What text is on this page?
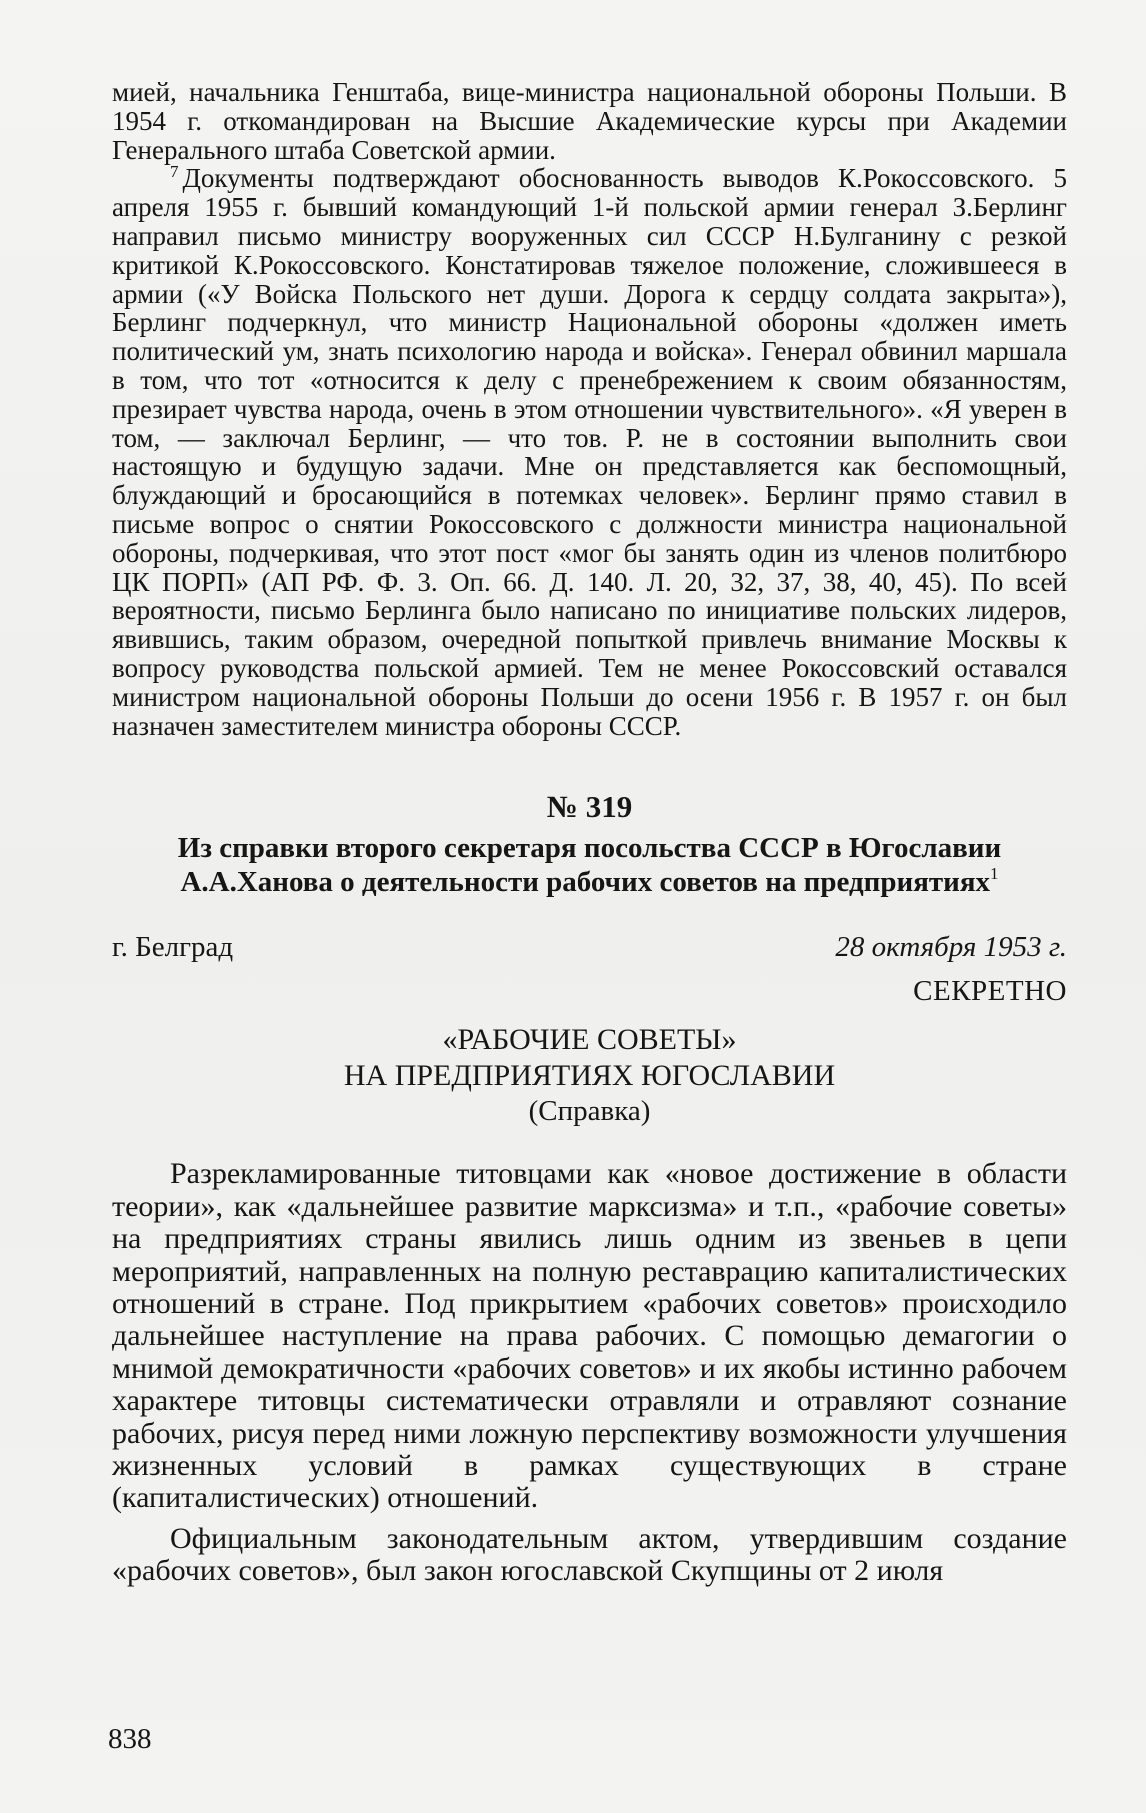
мией, начальника Генштаба, вице-министра национальной обороны Польши. В 1954 г. откомандирован на Высшие Академические курсы при Академии Генерального штаба Советской армии.

$^7$ Документы подтверждают обоснованность выводов К.Рокоссовского. 5 апреля 1955 г. бывший командующий 1-й польской армии генерал З.Берлинг направил письмо министру вооруженных сил СССР Н.Булганину с резкой критикой К.Рокоссовского. Констатировав тяжелое положение, сложившееся в армии («У Войска Польского нет души. Дорога к сердцу солдата закрыта»), Берлинг подчеркнул, что министр Национальной обороны «должен иметь политический ум, знать психологию народа и войска». Генерал обвинил маршала в том, что тот «относится к делу с пренебрежением к своим обязанностям, презирает чувства народа, очень в этом отношении чувствительного». «Я уверен в том, — заключал Берлинг, — что тов. Р. не в состоянии выполнить свои настоящую и будущую задачи. Мне он представляется как беспомощный, блуждающий и бросающийся в потемках человек». Берлинг прямо ставил в письме вопрос о снятии Рокоссовского с должности министра национальной обороны, подчеркивая, что этот пост «мог бы занять один из членов политбюро ЦК ПОРП» (АП РФ. Ф. 3. Оп. 66. Д. 140. Л. 20, 32, 37, 38, 40, 45). По всей вероятности, письмо Берлинга было написано по инициативе польских лидеров, явившись, таким образом, очередной попыткой привлечь внимание Москвы к вопросу руководства польской армией. Тем не менее Рокоссовский оставался министром национальной обороны Польши до осени 1956 г. В 1957 г. он был назначен заместителем министра обороны СССР.

№ 319
Из справки второго секретаря посольства СССР в Югославии А.А.Ханова о деятельности рабочих советов на предприятиях$^1$
г. Белград	28 октября 1953 г.
СЕКРЕТНО
«РАБОЧИЕ СОВЕТЫ»
НА ПРЕДПРИЯТИЯХ ЮГОСЛАВИИ
(Справка)

Разрекламированные титовцами как «новое достижение в области теории», как «дальнейшее развитие марксизма» и т.п., «рабочие советы» на предприятиях страны явились лишь одним из звеньев в цепи мероприятий, направленных на полную реставрацию капиталистических отношений в стране. Под прикрытием «рабочих советов» происходило дальнейшее наступление на права рабочих. С помощью демагогии о мнимой демократичности «рабочих советов» и их якобы истинно рабочем характере титовцы систематически отравляли и отравляют сознание рабочих, рисуя перед ними ложную перспективу возможности улучшения жизненных условий в рамках существующих в стране (капиталистических) отношений.

Официальным законодательным актом, утвердившим создание «рабочих советов», был закон югославской Скупщины от 2 июля

838
